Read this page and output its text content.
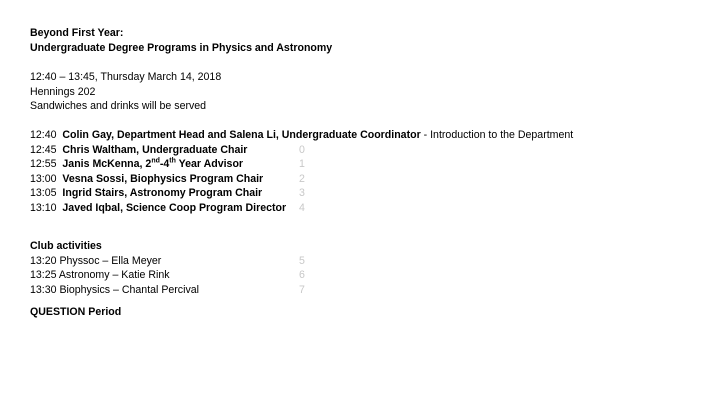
Beyond First Year:
Undergraduate Degree Programs in Physics and Astronomy
12:40 – 13:45, Thursday March 14, 2018
Hennings 202
Sandwiches and drinks will be served
12:40 Colin Gay, Department Head and Salena Li, Undergraduate Coordinator - Introduction to the Department
12:45 Chris Waltham, Undergraduate Chair	0
12:55 Janis McKenna, 2nd-4th Year Advisor	1
13:00 Vesna Sossi, Biophysics Program Chair	2
13:05 Ingrid Stairs, Astronomy Program Chair	3
13:10 Javed Iqbal, Science Coop Program Director 4
Club activities
13:20 Physsoc – Ella Meyer	5
13:25 Astronomy – Katie Rink	6
13:30 Biophysics – Chantal Percival	7
QUESTION Period
